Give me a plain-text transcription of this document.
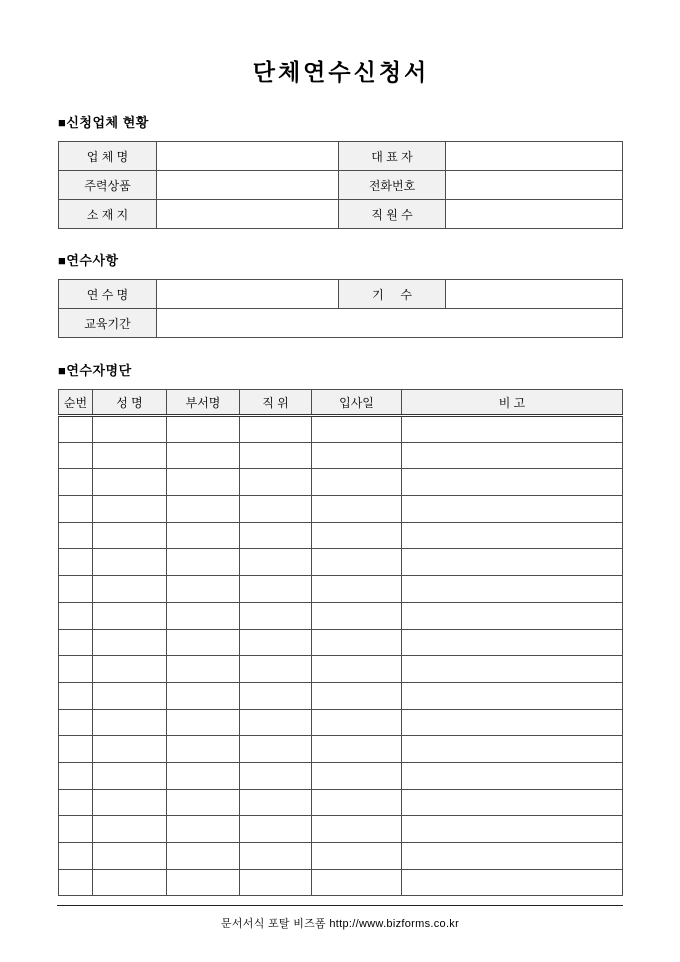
단체연수신청서
■신청업체 현황
업 체 명		대 표 자	
주력상품		전화번호	
소 재 지		직 원 수	
■연수사항
연 수 명		기     수	
교육기간			
■연수자명단
순번	성 명	부서명	직 위	입사일	비 고

문서서식 포탈 비즈폼 http://www.bizforms.co.kr
